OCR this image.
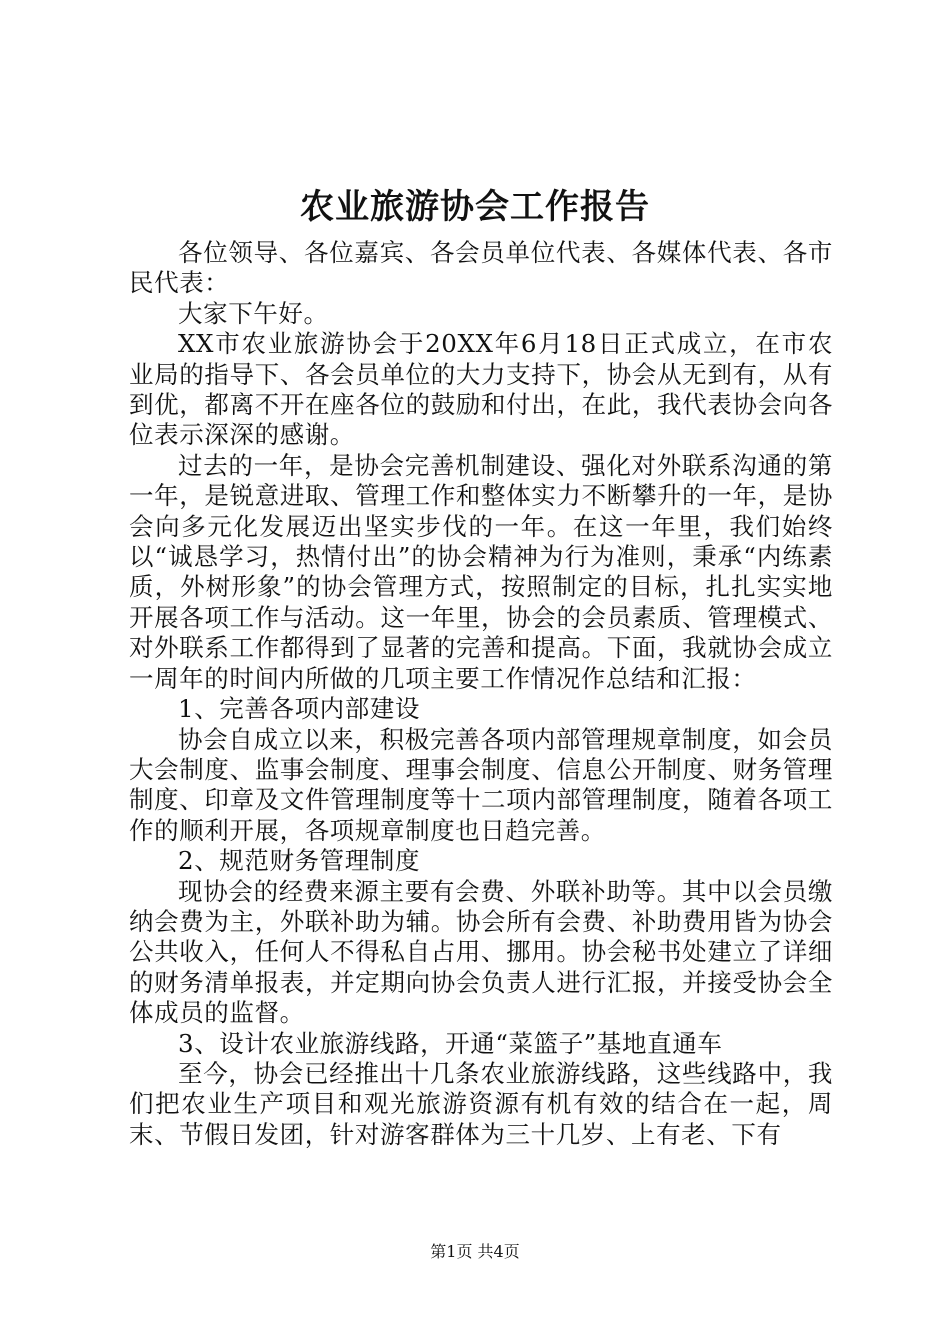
农业旅游协会工作报告

各位领导、各位嘉宾、各会员单位代表、各媒体代表、各市民代表：

大家下午好。

XX市农业旅游协会于20XX年6月18日正式成立，在市农业局的指导下、各会员单位的大力支持下，协会从无到有，从有到优，都离不开在座各位的鼓励和付出，在此，我代表协会向各位表示深深的感谢。

过去的一年，是协会完善机制建设、强化对外联系沟通的第一年，是锐意进取、管理工作和整体实力不断攀升的一年，是协会向多元化发展迈出坚实步伐的一年。在这一年里，我们始终以“诚恳学习，热情付出”的协会精神为行为准则，秉承“内练素质，外树形象”的协会管理方式，按照制定的目标，扎扎实实地开展各项工作与活动。这一年里，协会的会员素质、管理模式、对外联系工作都得到了显著的完善和提高。下面，我就协会成立一周年的时间内所做的几项主要工作情况作总结和汇报：

1、完善各项内部建设

协会自成立以来，积极完善各项内部管理规章制度，如会员大会制度、监事会制度、理事会制度、信息公开制度、财务管理制度、印章及文件管理制度等十二项内部管理制度，随着各项工作的顺利开展，各项规章制度也日趋完善。

2、规范财务管理制度

现协会的经费来源主要有会费、外联补助等。其中以会员缴纳会费为主，外联补助为辅。协会所有会费、补助费用皆为协会公共收入，任何人不得私自占用、挪用。协会秘书处建立了详细的财务清单报表，并定期向协会负责人进行汇报，并接受协会全体成员的监督。

3、设计农业旅游线路，开通“菜篮子”基地直通车

至今，协会已经推出十几条农业旅游线路，这些线路中，我们把农业生产项目和观光旅游资源有机有效的结合在一起，周末、节假日发团，针对游客群体为三十几岁、上有老、下有

第1页 共4页
